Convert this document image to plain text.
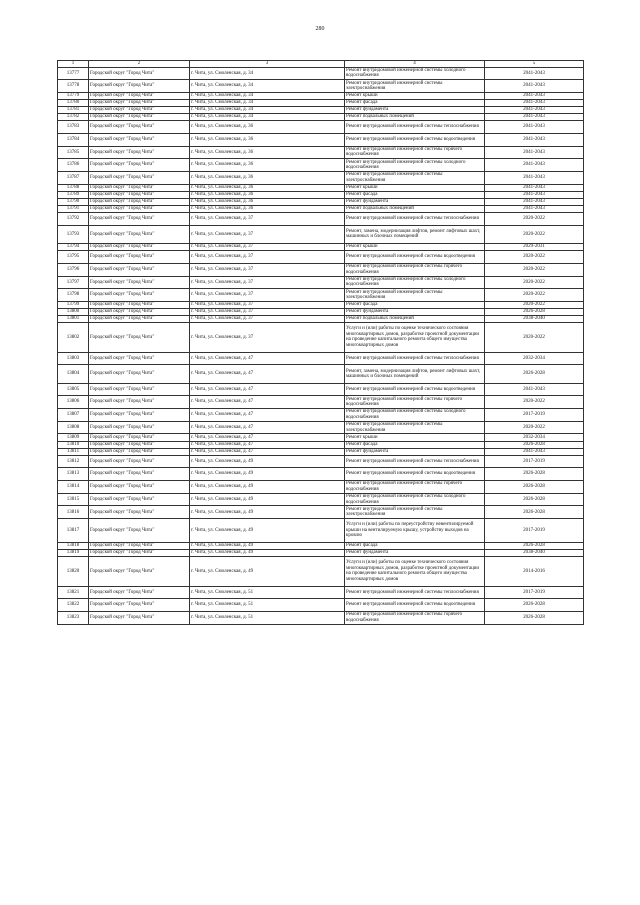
280
1	2	3	4	5
13777	Городской округ "Город Чита"	г. Чита, ул. Смоленская, д. 34	Ремонт внутридомовой инженерной системы холодного водоснабжения	2041-2043
13778	Городской округ "Город Чита"	г. Чита, ул. Смоленская, д. 34	Ремонт внутридомовой инженерной системы электроснабжения	2041-2043
13779	Городской округ "Город Чита"	г. Чита, ул. Смоленская, д. 34	Ремонт крыши	2041-2043
13780	Городской округ "Город Чита"	г. Чита, ул. Смоленская, д. 34	Ремонт фасада	2041-2043
13781	Городской округ "Город Чита"	г. Чита, ул. Смоленская, д. 34	Ремонт фундамента	2041-2043
13782	Городской округ "Город Чита"	г. Чита, ул. Смоленская, д. 34	Ремонт подвальных помещений	2041-2043
13783	Городской округ "Город Чита"	г. Чита, ул. Смоленская, д. 36	Ремонт внутридомовой инженерной системы теплоснабжения	2041-2043
13784	Городской округ "Город Чита"	г. Чита, ул. Смоленская, д. 36	Ремонт внутридомовой инженерной системы водоотведения	2041-2043
13785	Городской округ "Город Чита"	г. Чита, ул. Смоленская, д. 36	Ремонт внутридомовой инженерной системы горячего водоснабжения	2041-2043
13786	Городской округ "Город Чита"	г. Чита, ул. Смоленская, д. 36	Ремонт внутридомовой инженерной системы холодного водоснабжения	2041-2043
13787	Городской округ "Город Чита"	г. Чита, ул. Смоленская, д. 36	Ремонт внутридомовой инженерной системы электроснабжения	2041-2043
13788	Городской округ "Город Чита"	г. Чита, ул. Смоленская, д. 36	Ремонт крыши	2041-2043
13789	Городской округ "Город Чита"	г. Чита, ул. Смоленская, д. 36	Ремонт фасада	2041-2043
13790	Городской округ "Город Чита"	г. Чита, ул. Смоленская, д. 36	Ремонт фундамента	2041-2043
13791	Городской округ "Город Чита"	г. Чита, ул. Смоленская, д. 36	Ремонт подвальных помещений	2041-2043
13792	Городской округ "Город Чита"	г. Чита, ул. Смоленская, д. 37	Ремонт внутридомовой инженерной системы теплоснабжения	2020-2022
13793	Городской округ "Город Чита"	г. Чита, ул. Смоленская, д. 37	Ремонт, замена, модернизация лифтов, ремонт лифтовых шахт, машинных и блочных помещений	2020-2022
13794	Городской округ "Город Чита"	г. Чита, ул. Смоленская, д. 37	Ремонт крыши	2029-2031
13795	Городской округ "Город Чита"	г. Чита, ул. Смоленская, д. 37	Ремонт внутридомовой инженерной системы водоотведения	2020-2022
13796	Городской округ "Город Чита"	г. Чита, ул. Смоленская, д. 37	Ремонт внутридомовой инженерной системы горячего водоснабжения	2020-2022
13797	Городской округ "Город Чита"	г. Чита, ул. Смоленская, д. 37	Ремонт внутридомовой инженерной системы холодного водоснабжения	2020-2022
13798	Городской округ "Город Чита"	г. Чита, ул. Смоленская, д. 37	Ремонт внутридомовой инженерной системы электроснабжения	2020-2022
13799	Городской округ "Город Чита"	г. Чита, ул. Смоленская, д. 37	Ремонт фасада	2020-2022
13800	Городской округ "Город Чита"	г. Чита, ул. Смоленская, д. 37	Ремонт фундамента	2026-2028
13801	Городской округ "Город Чита"	г. Чита, ул. Смоленская, д. 37	Ремонт подвальных помещений	2038-2040
13802	Городской округ "Город Чита"	г. Чита, ул. Смоленская, д. 37	Услуги и (или) работы по оценке технического состояния многоквартирных домов, разработке проектной документации на проведение капитального ремонта общего имущества многоквартирных домов	2020-2022
13803	Городской округ "Город Чита"	г. Чита, ул. Смоленская, д. 47	Ремонт внутридомовой инженерной системы теплоснабжения	2032-2034
13804	Городской округ "Город Чита"	г. Чита, ул. Смоленская, д. 47	Ремонт, замена, модернизация лифтов, ремонт лифтовых шахт, машинных и блочных помещений	2026-2028
13805	Городской округ "Город Чита"	г. Чита, ул. Смоленская, д. 47	Ремонт внутридомовой инженерной системы водоотведения	2041-2043
13806	Городской округ "Город Чита"	г. Чита, ул. Смоленская, д. 47	Ремонт внутридомовой инженерной системы горячего водоснабжения	2020-2022
13807	Городской округ "Город Чита"	г. Чита, ул. Смоленская, д. 47	Ремонт внутридомовой инженерной системы холодного водоснабжения	2017-2019
13808	Городской округ "Город Чита"	г. Чита, ул. Смоленская, д. 47	Ремонт внутридомовой инженерной системы электроснабжения	2020-2022
13809	Городской округ "Город Чита"	г. Чита, ул. Смоленская, д. 47	Ремонт крыши	2032-2034
13810	Городской округ "Город Чита"	г. Чита, ул. Смоленская, д. 47	Ремонт фасада	2026-2028
13811	Городской округ "Город Чита"	г. Чита, ул. Смоленская, д. 47	Ремонт фундамента	2041-2043
13812	Городской округ "Город Чита"	г. Чита, ул. Смоленская, д. 49	Ремонт внутридомовой инженерной системы теплоснабжения	2017-2019
13813	Городской округ "Город Чита"	г. Чита, ул. Смоленская, д. 49	Ремонт внутридомовой инженерной системы водоотведения	2026-2028
13814	Городской округ "Город Чита"	г. Чита, ул. Смоленская, д. 49	Ремонт внутридомовой инженерной системы горячего водоснабжения	2026-2028
13815	Городской округ "Город Чита"	г. Чита, ул. Смоленская, д. 49	Ремонт внутридомовой инженерной системы холодного водоснабжения	2026-2028
13816	Городской округ "Город Чита"	г. Чита, ул. Смоленская, д. 49	Ремонт внутридомовой инженерной системы электроснабжения	2026-2028
13817	Городской округ "Город Чита"	г. Чита, ул. Смоленская, д. 49	Услуги и (или) работы по переустройству невентилируемой крыши на вентилируемую крышу, устройству выходов на кровлю	2017-2019
13818	Городской округ "Город Чита"	г. Чита, ул. Смоленская, д. 49	Ремонт фасада	2026-2028
13819	Городской округ "Город Чита"	г. Чита, ул. Смоленская, д. 49	Ремонт фундамента	2038-2040
13820	Городской округ "Город Чита"	г. Чита, ул. Смоленская, д. 49	Услуги и (или) работы по оценке технического состояния многоквартирных домов, разработке проектной документации на проведение капитального ремонта общего имущества многоквартирных домов	2014-2016
13821	Городской округ "Город Чита"	г. Чита, ул. Смоленская, д. 51	Ремонт внутридомовой инженерной системы теплоснабжения	2017-2019
13822	Городской округ "Город Чита"	г. Чита, ул. Смоленская, д. 51	Ремонт внутридомовой инженерной системы водоотведения	2026-2028
13823	Городской округ "Город Чита"	г. Чита, ул. Смоленская, д. 51	Ремонт внутридомовой инженерной системы горячего водоснабжения	2026-2028
